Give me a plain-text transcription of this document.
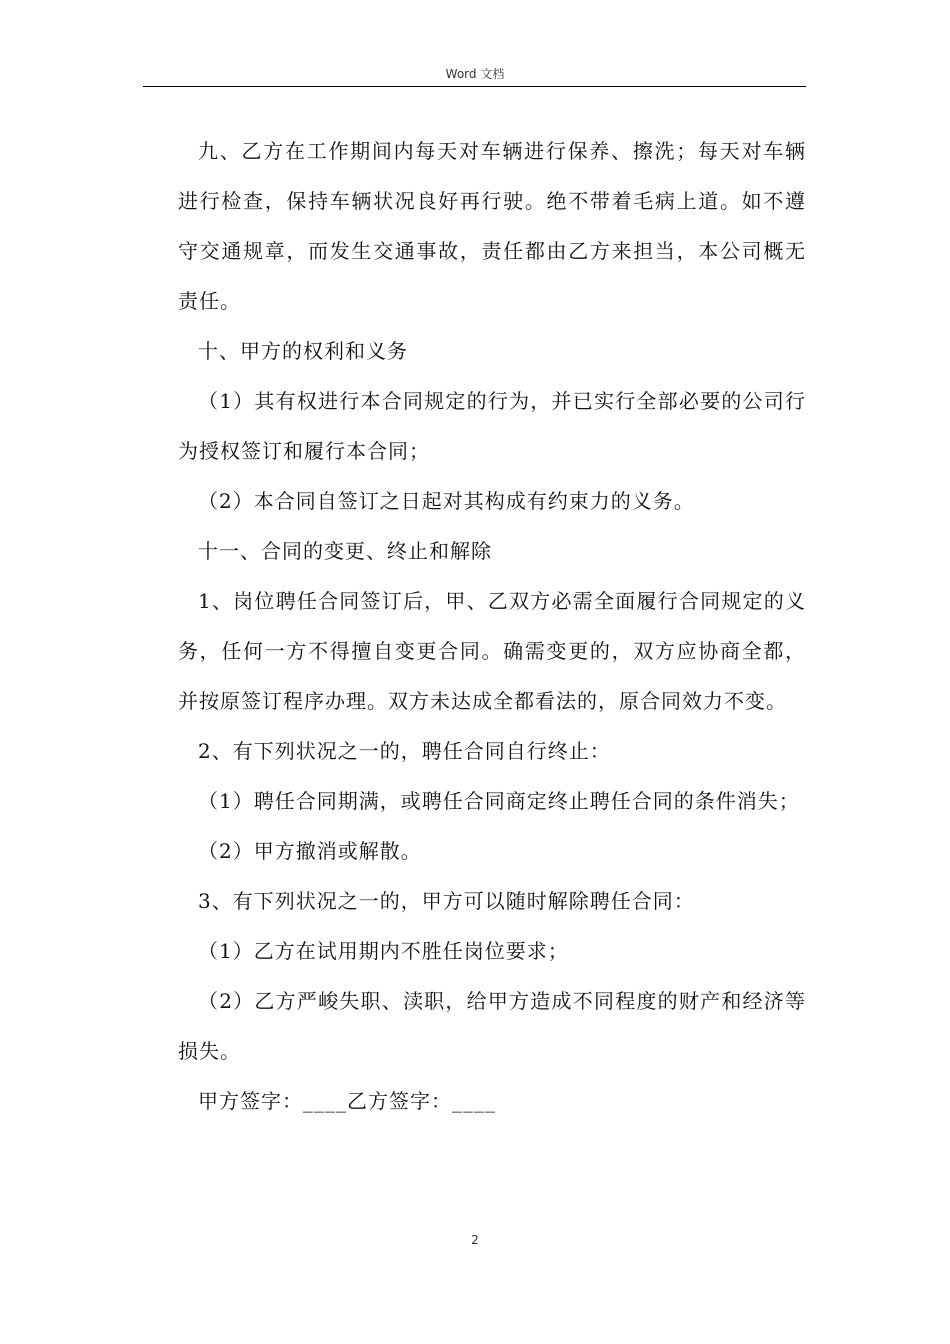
Word 文档

九、乙方在工作期间内每天对车辆进行保养、擦洗；每天对车辆进行检查，保持车辆状况良好再行驶。绝不带着毛病上道。如不遵守交通规章，而发生交通事故，责任都由乙方来担当，本公司概无责任。

十、甲方的权利和义务

（1）其有权进行本合同规定的行为，并已实行全部必要的公司行为授权签订和履行本合同；

（2）本合同自签订之日起对其构成有约束力的义务。

十一、合同的变更、终止和解除

1、岗位聘任合同签订后，甲、乙双方必需全面履行合同规定的义务，任何一方不得擅自变更合同。确需变更的，双方应协商全都，并按原签订程序办理。双方未达成全都看法的，原合同效力不变。

2、有下列状况之一的，聘任合同自行终止：

（1）聘任合同期满，或聘任合同商定终止聘任合同的条件消失；

（2）甲方撤消或解散。

3、有下列状况之一的，甲方可以随时解除聘任合同：

（1）乙方在试用期内不胜任岗位要求；

（2）乙方严峻失职、渎职，给甲方造成不同程度的财产和经济等损失。

甲方签字：____乙方签字：____

2
